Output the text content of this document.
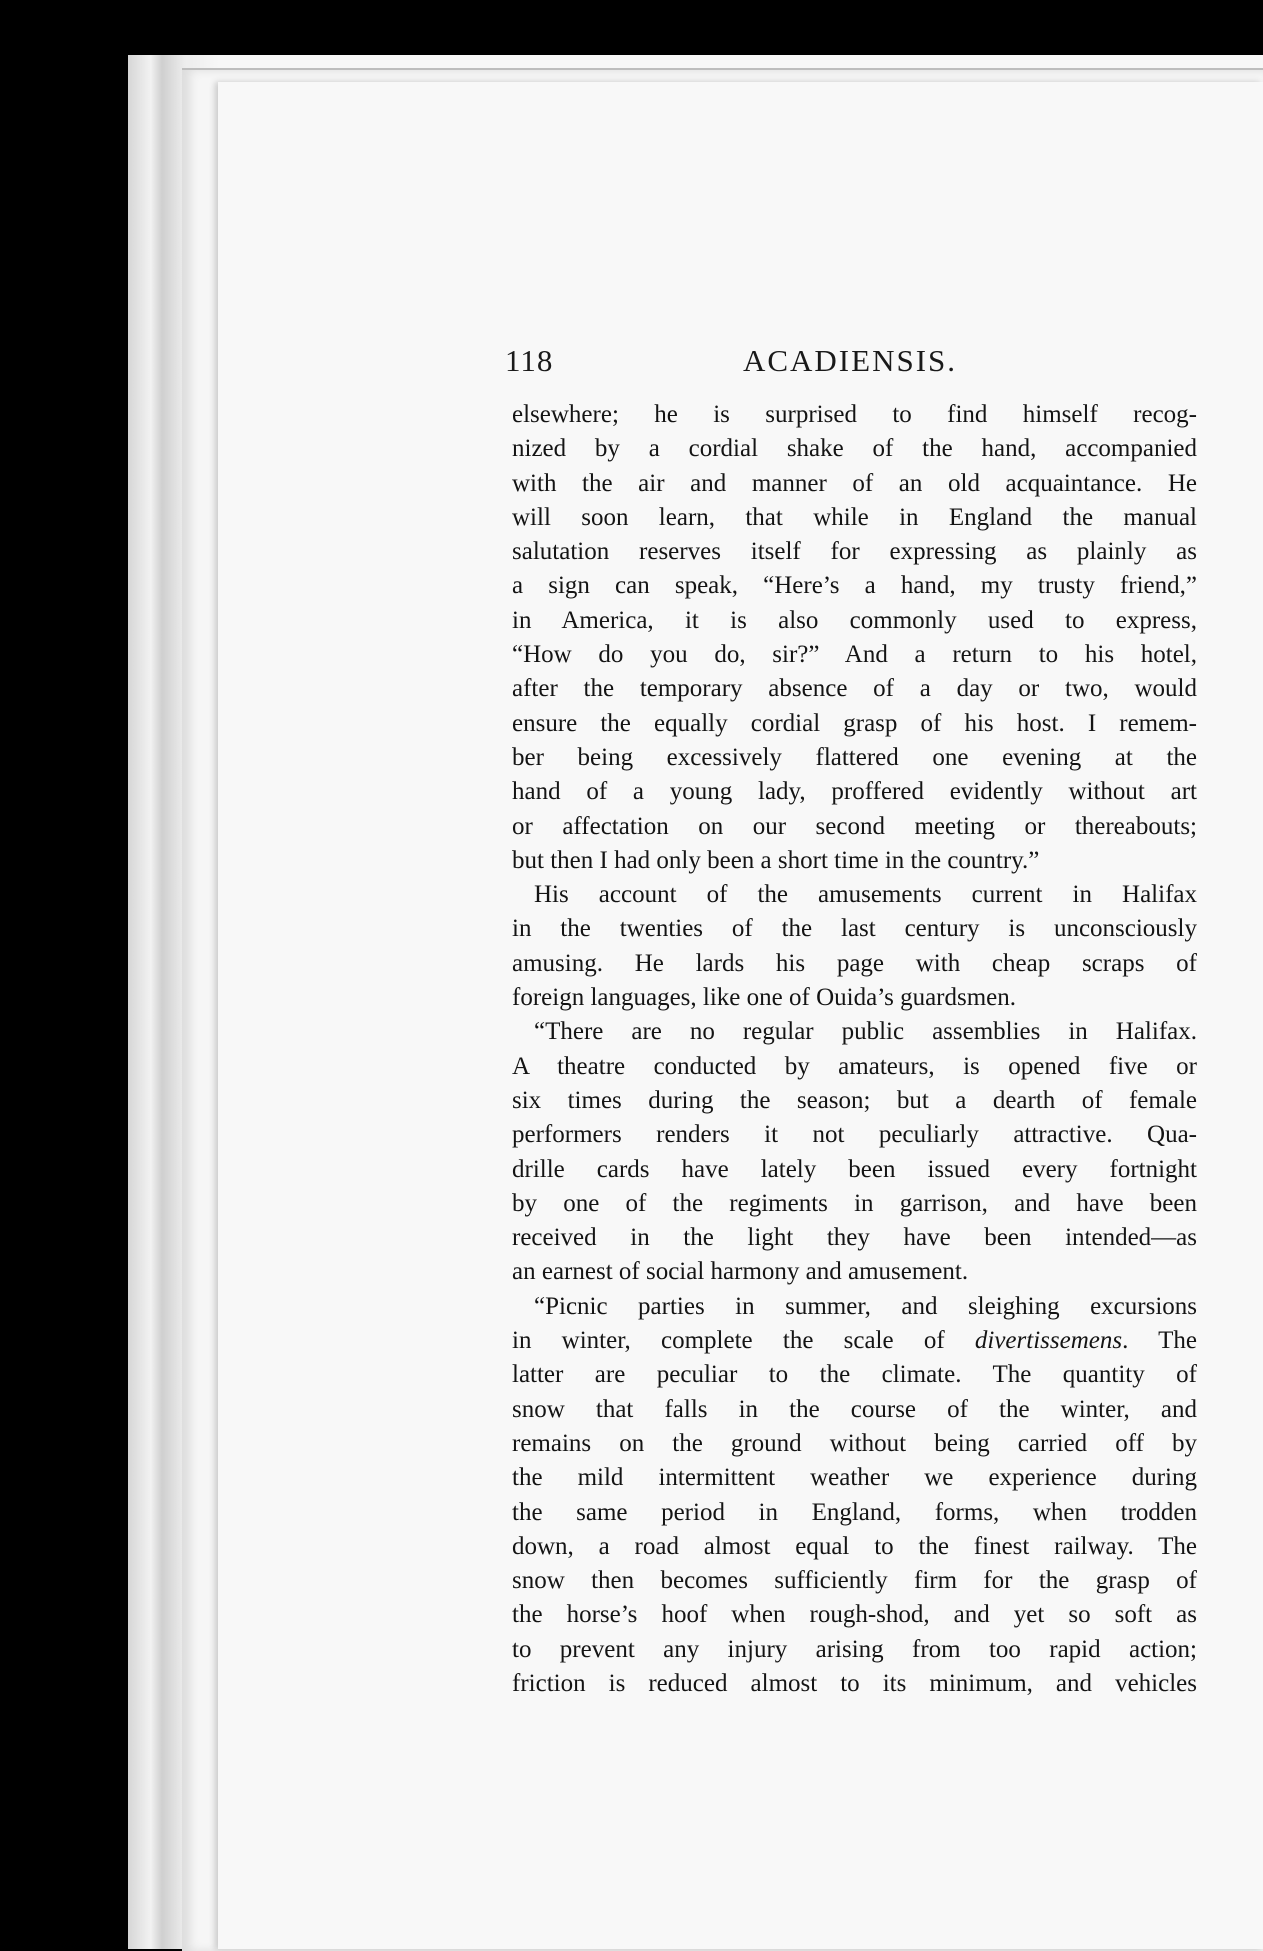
118	ACADIENSIS.
elsewhere; he is surprised to find himself recog-
nized by a cordial shake of the hand, accompanied
with the air and manner of an old acquaintance. He
will soon learn, that while in England the manual
salutation reserves itself for expressing as plainly as
a sign can speak, “Here’s a hand, my trusty friend,”
in America, it is also commonly used to express,
“How do you do, sir?” And a return to his hotel,
after the temporary absence of a day or two, would
ensure the equally cordial grasp of his host. I remem-
ber being excessively flattered one evening at the
hand of a young lady, proffered evidently without art
or affectation on our second meeting or thereabouts;
but then I had only been a short time in the country.”
His account of the amusements current in Halifax
in the twenties of the last century is unconsciously
amusing. He lards his page with cheap scraps of
foreign languages, like one of Ouida’s guardsmen.
“There are no regular public assemblies in Halifax.
A theatre conducted by amateurs, is opened five or
six times during the season; but a dearth of female
performers renders it not peculiarly attractive. Qua-
drille cards have lately been issued every fortnight
by one of the regiments in garrison, and have been
received in the light they have been intended—as
an earnest of social harmony and amusement.
“Picnic parties in summer, and sleighing excursions
in winter, complete the scale of divertissemens. The
latter are peculiar to the climate. The quantity of
snow that falls in the course of the winter, and
remains on the ground without being carried off by
the mild intermittent weather we experience during
the same period in England, forms, when trodden
down, a road almost equal to the finest railway. The
snow then becomes sufficiently firm for the grasp of
the horse’s hoof when rough-shod, and yet so soft as
to prevent any injury arising from too rapid action;
friction is reduced almost to its minimum, and vehicles
